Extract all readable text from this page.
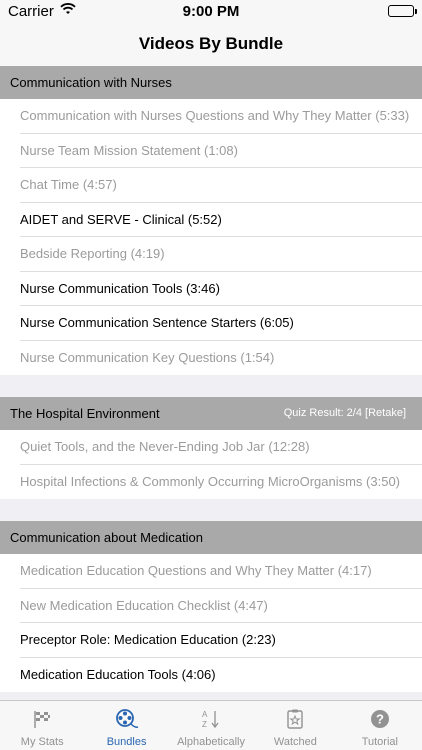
Carrier	9:00 PM
Videos By Bundle
Communication with Nurses
Communication with Nurses Questions and Why They Matter (5:33)
Nurse Team Mission Statement (1:08)
Chat Time (4:57)
AIDET and SERVE - Clinical (5:52)
Bedside Reporting (4:19)
Nurse Communication Tools (3:46)
Nurse Communication Sentence Starters (6:05)
Nurse Communication Key Questions (1:54)
The Hospital Environment	Quiz Result: 2/4 [Retake]
Quiet Tools, and the Never-Ending Job Jar (12:28)
Hospital Infections & Commonly Occurring MicroOrganisms (3:50)
Communication about Medication
Medication Education Questions and Why They Matter (4:17)
New Medication Education Checklist (4:47)
Preceptor Role: Medication Education (2:23)
Medication Education Tools (4:06)
My Stats	Bundles
A
Z
Alphabetically	Watched
?
Tutorial
